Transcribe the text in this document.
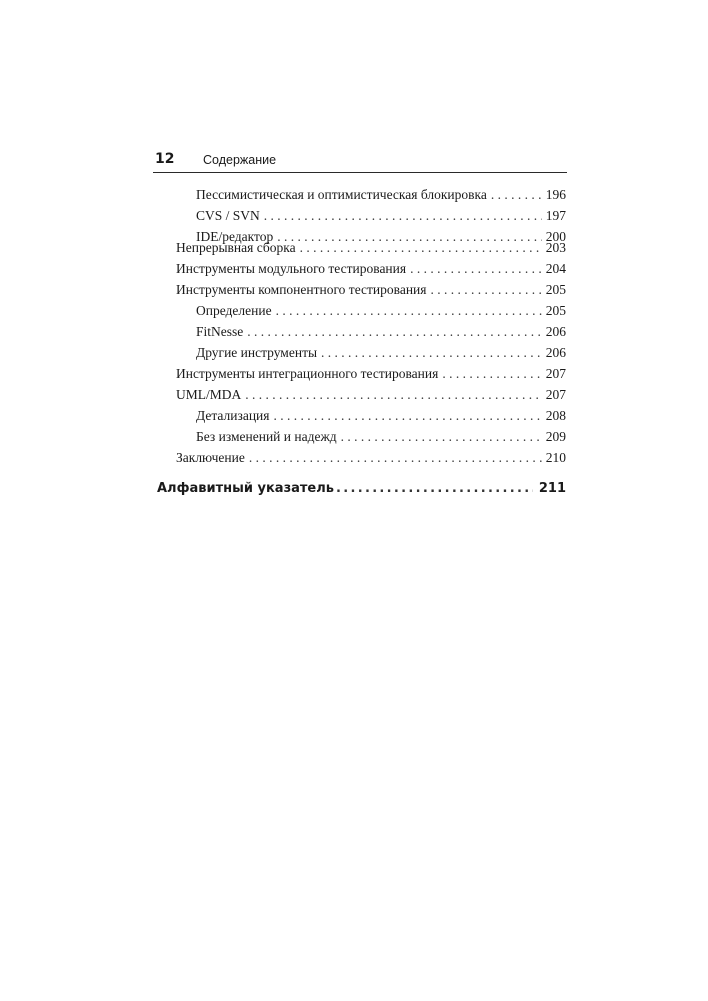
12 Содержание
Пессимистическая и оптимистическая блокировка . . .	196
CVS / SVN . . .	197
IDE/редактор . . .	200
Непрерывная сборка . . .	203
Инструменты модульного тестирования . . .	204
Инструменты компонентного тестирования . . .	205
Определение . . .	205
FitNesse . . .	206
Другие инструменты . . .	206
Инструменты интеграционного тестирования . . .	207
UML/MDA . . .	207
Детализация . . .	208
Без изменений и надежд . . .	209
Заключение . . .	210
Алфавитный указатель .....	211
